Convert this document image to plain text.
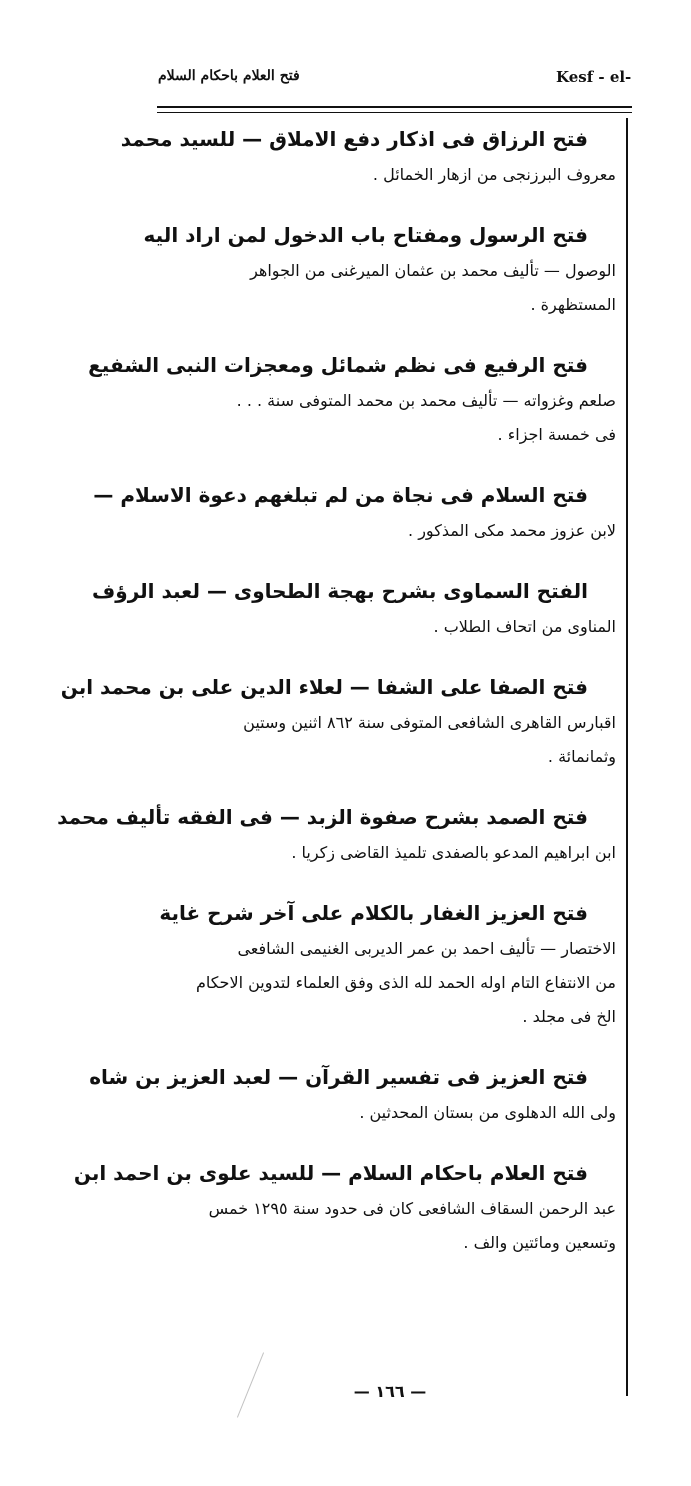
فتح العلام باحكام السلام	Kesf - el-
فتح الرزاق فى اذكار دفع الاملاق — للسيد محمد
معروف البرزنجى من ازهار الخمائل .
فتح الرسول ومفتاح باب الدخول لمن اراد اليه
الوصول — تأليف محمد بن عثمان الميرغنى من الجواهر
المستظهرة .
فتح الرفيع فى نظم شمائل ومعجزات النبى الشفيع
صلعم وغزواته — تأليف محمد بن محمد المتوفى سنة . . .
فى خمسة اجزاء .
فتح السلام فى نجاة من لم تبلغهم دعوة الاسلام —
لابن عزوز محمد مكى المذكور .
الفتح السماوى بشرح بهجة الطحاوى — لعبد الرؤف
المناوى من اتحاف الطلاب .
فتح الصفا على الشفا — لعلاء الدين على بن محمد ابن
اقبارس القاهرى الشافعى المتوفى سنة ٨٦٢ اثنين وستين
وثمانمائة .
فتح الصمد بشرح صفوة الزبد — فى الفقه تأليف محمد
ابن ابراهيم المدعو بالصفدى تلميذ القاضى زكريا .
فتح العزيز الغفار بالكلام على آخر شرح غاية
الاختصار — تأليف احمد بن عمر الديربى الغنيمى الشافعى
من الانتفاع التام اوله الحمد لله الذى وفق العلماء لتدوين الاحكام
الخ فى مجلد .
فتح العزيز فى تفسير القرآن — لعبد العزيز بن شاه
ولى الله الدهلوى من بستان المحدثين .
فتح العلام باحكام السلام — للسيد علوى بن احمد ابن
عبد الرحمن السقاف الشافعى كان فى حدود سنة ١٢٩٥ خمس
وتسعين ومائتين والف .
— ١٦٦ —
